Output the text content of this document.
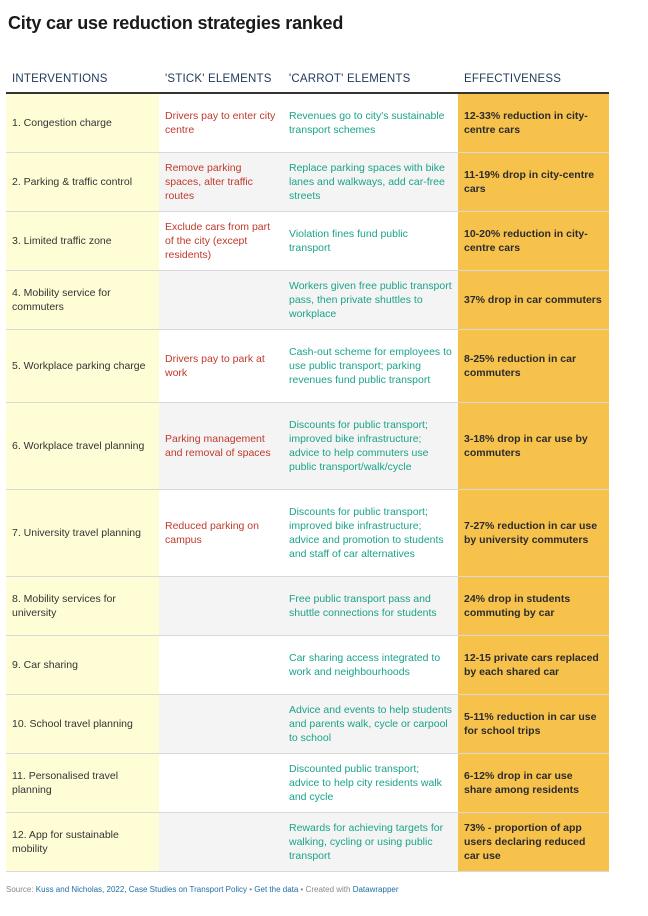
City car use reduction strategies ranked
INTERVENTIONS	'STICK' ELEMENTS	'CARROT' ELEMENTS	EFFECTIVENESS
1. Congestion charge	Drivers pay to enter city centre	Revenues go to city's sustainable transport schemes	12-33% reduction in city-centre cars
2. Parking & traffic control	Remove parking spaces, alter traffic routes	Replace parking spaces with bike lanes and walkways, add car-free streets	11-19% drop in city-centre cars
3. Limited traffic zone	Exclude cars from part of the city (except residents)	Violation fines fund public transport	10-20% reduction in city-centre cars
4. Mobility service for commuters		Workers given free public transport pass, then private shuttles to workplace	37% drop in car commuters
5. Workplace parking charge	Drivers pay to park at work	Cash-out scheme for employees to use public transport; parking revenues fund public transport	8-25% reduction in car commuters
6. Workplace travel planning	Parking management and removal of spaces	Discounts for public transport; improved bike infrastructure; advice to help commuters use public transport/walk/cycle	3-18% drop in car use by commuters
7. University travel planning	Reduced parking on campus	Discounts for public transport; improved bike infrastructure; advice and promotion to students and staff of car alternatives	7-27% reduction in car use by university commuters
8. Mobility services for university		Free public transport pass and shuttle connections for students	24% drop in students commuting by car
9. Car sharing		Car sharing access integrated to work and neighbourhoods	12-15 private cars replaced by each shared car
10. School travel planning		Advice and events to help students and parents walk, cycle or carpool to school	5-11% reduction in car use for school trips
11. Personalised travel planning		Discounted public transport; advice to help city residents walk and cycle	6-12% drop in car use share among residents
12. App for sustainable mobility		Rewards for achieving targets for walking, cycling or using public transport	73% - proportion of app users declaring reduced car use
Source: Kuss and Nicholas, 2022, Case Studies on Transport Policy • Get the data • Created with Datawrapper
